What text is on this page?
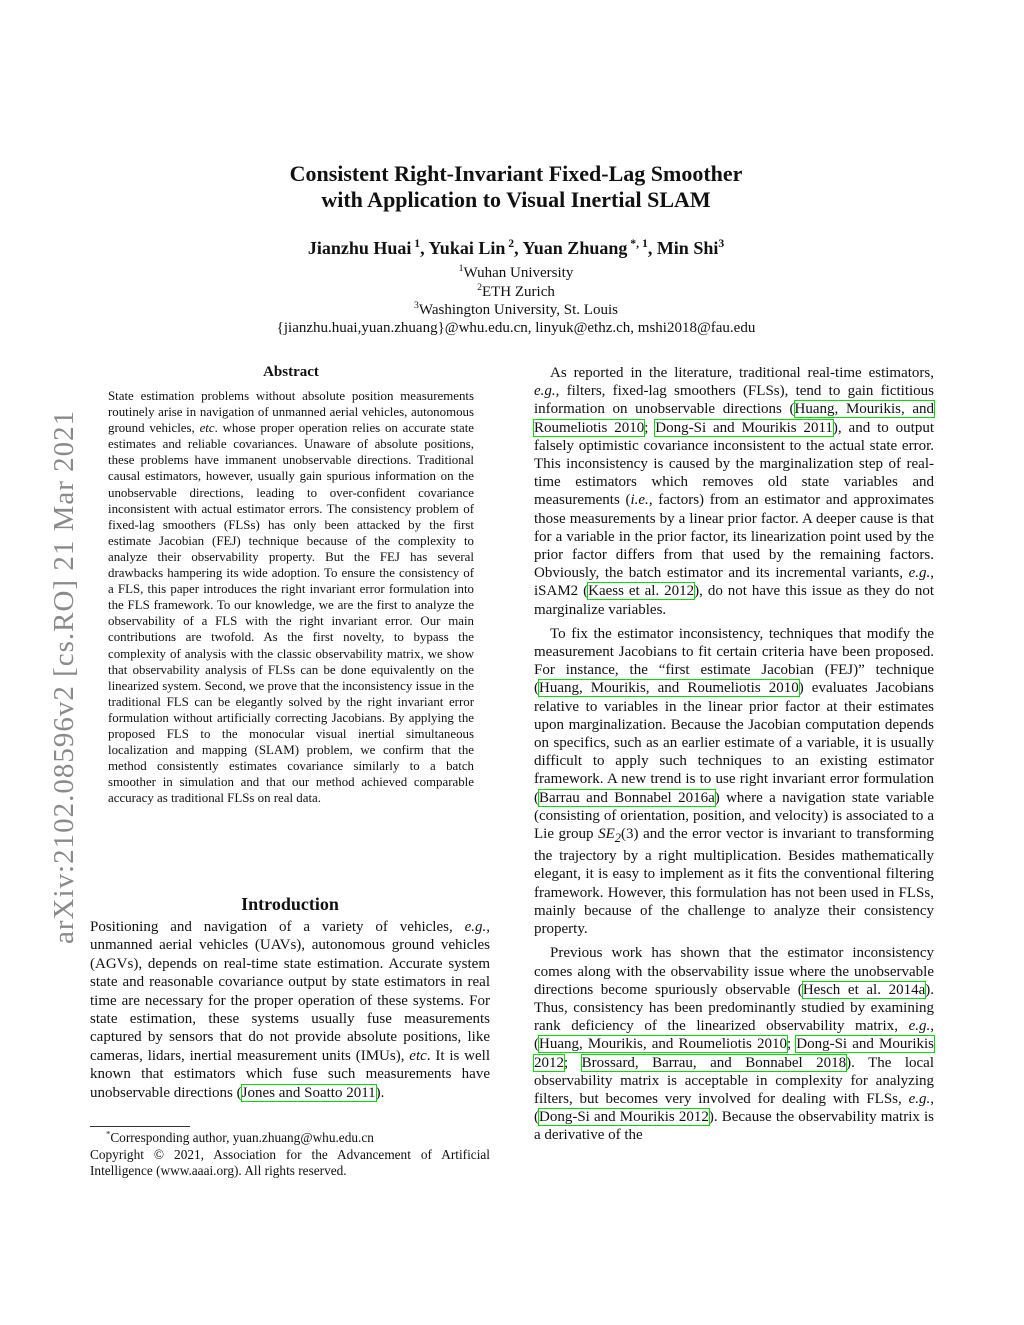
arXiv:2102.08596v2 [cs.RO] 21 Mar 2021
Consistent Right-Invariant Fixed-Lag Smoother
with Application to Visual Inertial SLAM
Jianzhu Huai $^1$, Yukai Lin $^2$, Yuan Zhuang $^{*, 1}$, Min Shi$^3$
$^1$Wuhan University
$^2$ETH Zurich
$^3$Washington University, St. Louis
{jianzhu.huai,yuan.zhuang}@whu.edu.cn, linyuk@ethz.ch, mshi2018@fau.edu
Abstract
State estimation problems without absolute position measurements routinely arise in navigation of unmanned aerial vehicles, autonomous ground vehicles, etc. whose proper operation relies on accurate state estimates and reliable covariances. Unaware of absolute positions, these problems have immanent unobservable directions. Traditional causal estimators, however, usually gain spurious information on the unobservable directions, leading to over-confident covariance inconsistent with actual estimator errors. The consistency problem of fixed-lag smoothers (FLSs) has only been attacked by the first estimate Jacobian (FEJ) technique because of the complexity to analyze their observability property. But the FEJ has several drawbacks hampering its wide adoption. To ensure the consistency of a FLS, this paper introduces the right invariant error formulation into the FLS framework. To our knowledge, we are the first to analyze the observability of a FLS with the right invariant error. Our main contributions are twofold. As the first novelty, to bypass the complexity of analysis with the classic observability matrix, we show that observability analysis of FLSs can be done equivalently on the linearized system. Second, we prove that the inconsistency issue in the traditional FLS can be elegantly solved by the right invariant error formulation without artificially correcting Jacobians. By applying the proposed FLS to the monocular visual inertial simultaneous localization and mapping (SLAM) problem, we confirm that the method consistently estimates covariance similarly to a batch smoother in simulation and that our method achieved comparable accuracy as traditional FLSs on real data.
Introduction
Positioning and navigation of a variety of vehicles, e.g., unmanned aerial vehicles (UAVs), autonomous ground vehicles (AGVs), depends on real-time state estimation. Accurate system state and reasonable covariance output by state estimators in real time are necessary for the proper operation of these systems. For state estimation, these systems usually fuse measurements captured by sensors that do not provide absolute positions, like cameras, lidars, inertial measurement units (IMUs), etc. It is well known that estimators which fuse such measurements have unobservable directions (Jones and Soatto 2011).

*Corresponding author, yuan.zhuang@whu.edu.cn

Copyright © 2021, Association for the Advancement of Artificial Intelligence (www.aaai.org). All rights reserved.

As reported in the literature, traditional real-time estimators, e.g., filters, fixed-lag smoothers (FLSs), tend to gain fictitious information on unobservable directions (Huang, Mourikis, and Roumeliotis 2010; Dong-Si and Mourikis 2011), and to output falsely optimistic covariance inconsistent to the actual state error. This inconsistency is caused by the marginalization step of real-time estimators which removes old state variables and measurements (i.e., factors) from an estimator and approximates those measurements by a linear prior factor. A deeper cause is that for a variable in the prior factor, its linearization point used by the prior factor differs from that used by the remaining factors. Obviously, the batch estimator and its incremental variants, e.g., iSAM2 (Kaess et al. 2012), do not have this issue as they do not marginalize variables.

To fix the estimator inconsistency, techniques that modify the measurement Jacobians to fit certain criteria have been proposed. For instance, the “first estimate Jacobian (FEJ)” technique (Huang, Mourikis, and Roumeliotis 2010) evaluates Jacobians relative to variables in the linear prior factor at their estimates upon marginalization. Because the Jacobian computation depends on specifics, such as an earlier estimate of a variable, it is usually difficult to apply such techniques to an existing estimator framework. A new trend is to use right invariant error formulation (Barrau and Bonnabel 2016a) where a navigation state variable (consisting of orientation, position, and velocity) is associated to a Lie group $SE_2(3)$ and the error vector is invariant to transforming the trajectory by a right multiplication. Besides mathematically elegant, it is easy to implement as it fits the conventional filtering framework. However, this formulation has not been used in FLSs, mainly because of the challenge to analyze their consistency property.

Previous work has shown that the estimator inconsistency comes along with the observability issue where the unobservable directions become spuriously observable (Hesch et al. 2014a). Thus, consistency has been predominantly studied by examining rank deficiency of the linearized observability matrix, e.g., (Huang, Mourikis, and Roumeliotis 2010; Dong-Si and Mourikis 2012; Brossard, Barrau, and Bonnabel 2018). The local observability matrix is acceptable in complexity for analyzing filters, but becomes very involved for dealing with FLSs, e.g., (Dong-Si and Mourikis 2012). Because the observability matrix is a derivative of the
